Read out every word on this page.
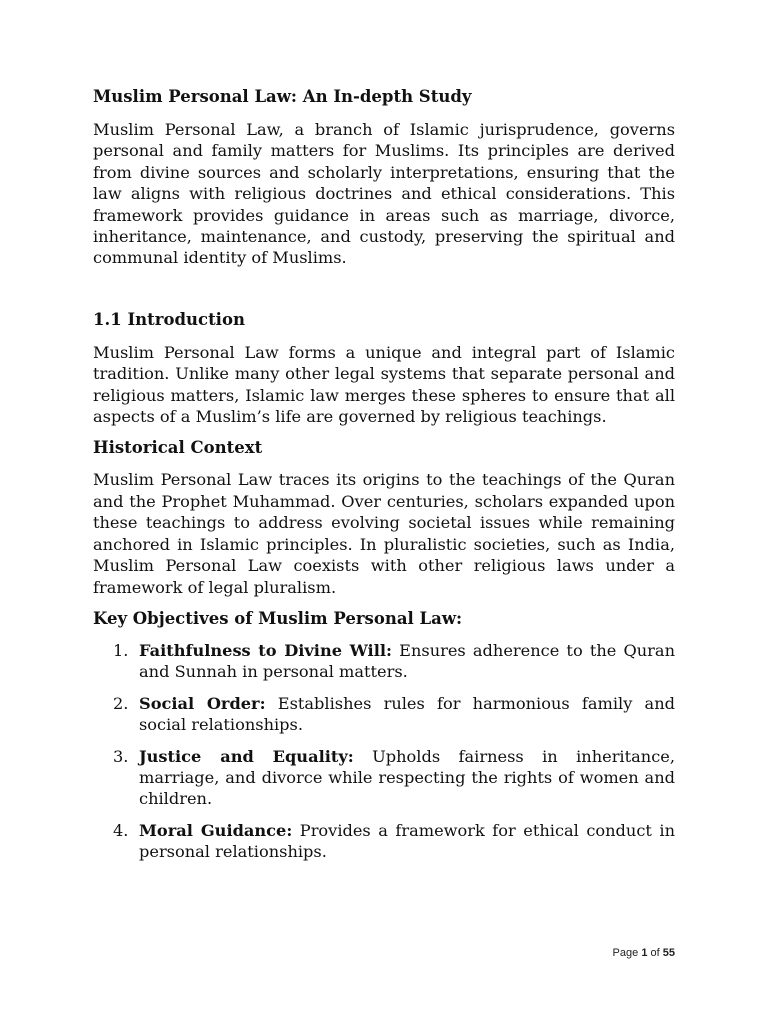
Muslim Personal Law: An In-depth Study

Muslim Personal Law, a branch of Islamic jurisprudence, governs personal and family matters for Muslims. Its principles are derived from divine sources and scholarly interpretations, ensuring that the law aligns with religious doctrines and ethical considerations. This framework provides guidance in areas such as marriage, divorce, inheritance, maintenance, and custody, preserving the spiritual and communal identity of Muslims.

1.1 Introduction

Muslim Personal Law forms a unique and integral part of Islamic tradition. Unlike many other legal systems that separate personal and religious matters, Islamic law merges these spheres to ensure that all aspects of a Muslim’s life are governed by religious teachings.

Historical Context

Muslim Personal Law traces its origins to the teachings of the Quran and the Prophet Muhammad. Over centuries, scholars expanded upon these teachings to address evolving societal issues while remaining anchored in Islamic principles. In pluralistic societies, such as India, Muslim Personal Law coexists with other religious laws under a framework of legal pluralism.

Key Objectives of Muslim Personal Law:

1. Faithfulness to Divine Will: Ensures adherence to the Quran and Sunnah in personal matters.
2. Social Order: Establishes rules for harmonious family and social relationships.
3. Justice and Equality: Upholds fairness in inheritance, marriage, and divorce while respecting the rights of women and children.
4. Moral Guidance: Provides a framework for ethical conduct in personal relationships.
Page 1 of 55
